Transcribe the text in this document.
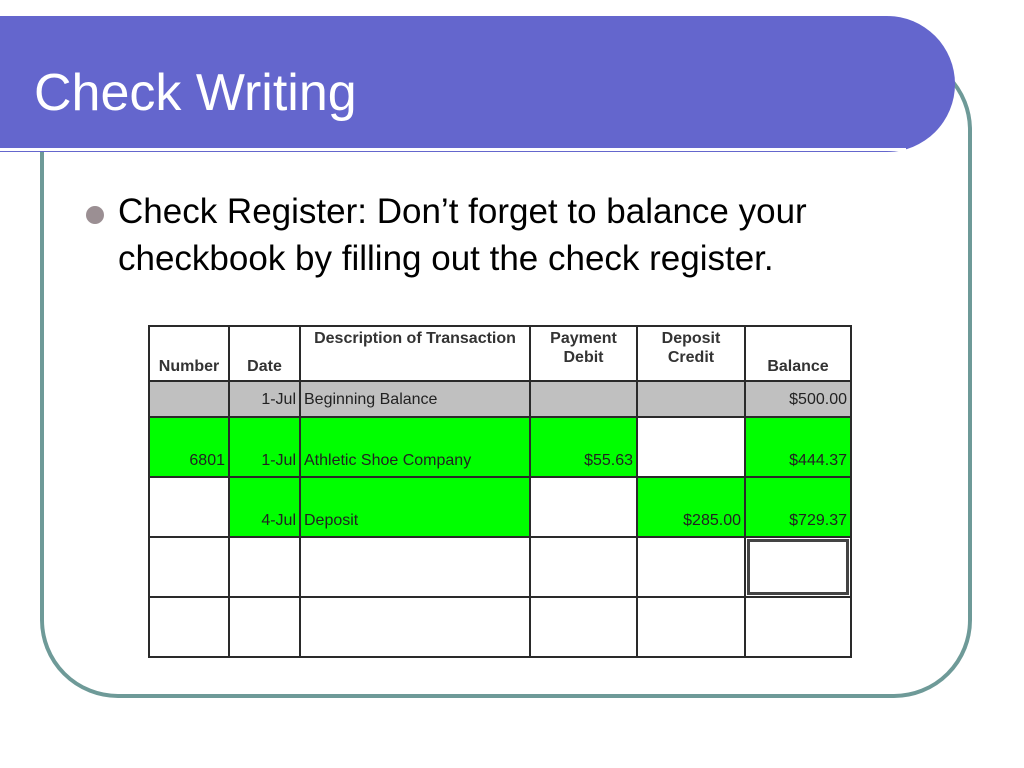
Check Writing
Check Register: Don’t forget to balance your checkbook by filling out the check register.
Number	Date	Description of Transaction	Payment Debit	Deposit Credit	Balance
	1-Jul	Beginning Balance			$500.00
6801	1-Jul	Athletic Shoe Company	$55.63		$444.37
	4-Jul	Deposit		$285.00	$729.37
